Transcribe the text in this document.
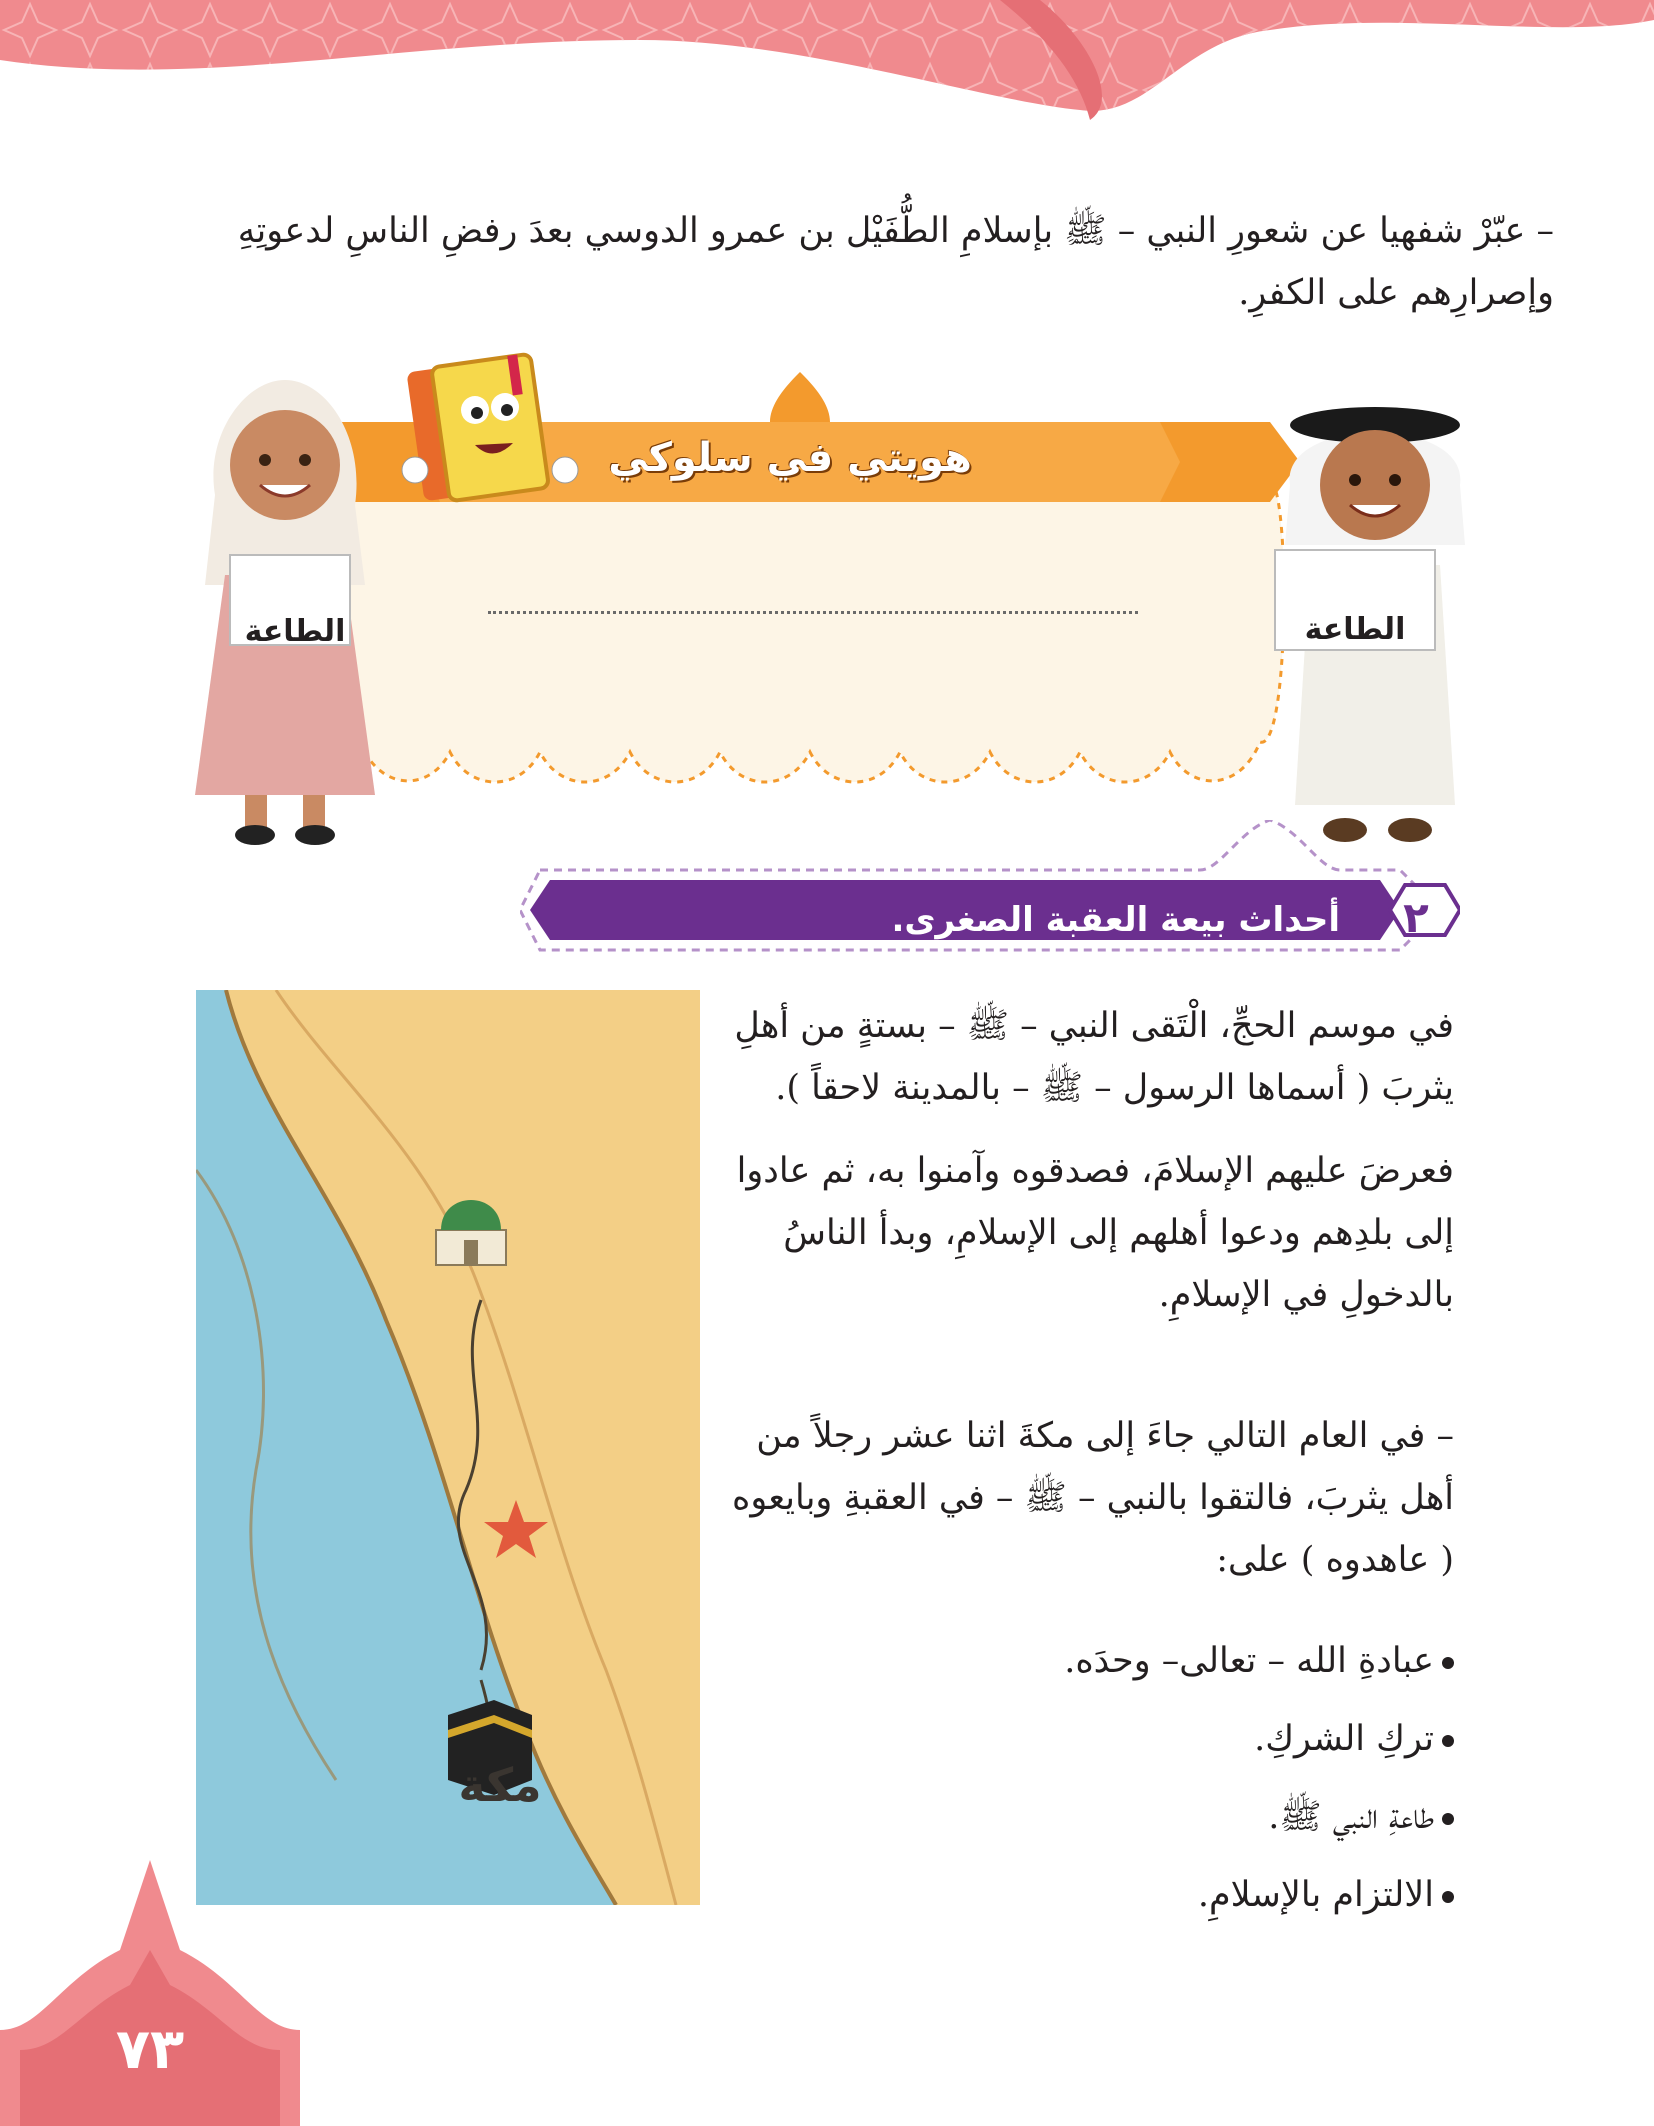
– عبّرْ شفهيا عن شعورِ النبي – ﷺ بإسلامِ الطُّفَيْل بن عمرو الدوسي بعدَ رفضِ الناسِ لدعوتِهِ وإصرارِهم على الكفرِ.
هويتي في سلوكي
الطاعة	الطاعة
أحداث بيعة العقبة الصغرى.	٢
مكة
في موسم الحجِّ، الْتَقى النبي – ﷺ – بستةٍ من أهلِ يثربَ ( أسماها الرسول – ﷺ – بالمدينة لاحقاً ).
فعرضَ عليهم الإسلامَ، فصدقوه وآمنوا به، ثم عادوا إلى بلدِهم ودعوا أهلهم إلى الإسلامِ، وبدأ الناسُ بالدخولِ في الإسلامِ.
– في العام التالي جاءَ إلى مكةَ اثنا عشر رجلاً من أهل يثربَ، فالتقوا بالنبي – ﷺ – في العقبةِ وبايعوه ( عاهدوه ) على:
عبادةِ الله – تعالى– وحدَه.
تركِ الشركِ.
طاعةِ النبي ﷺ.
الالتزام بالإسلامِ.
٧٣
